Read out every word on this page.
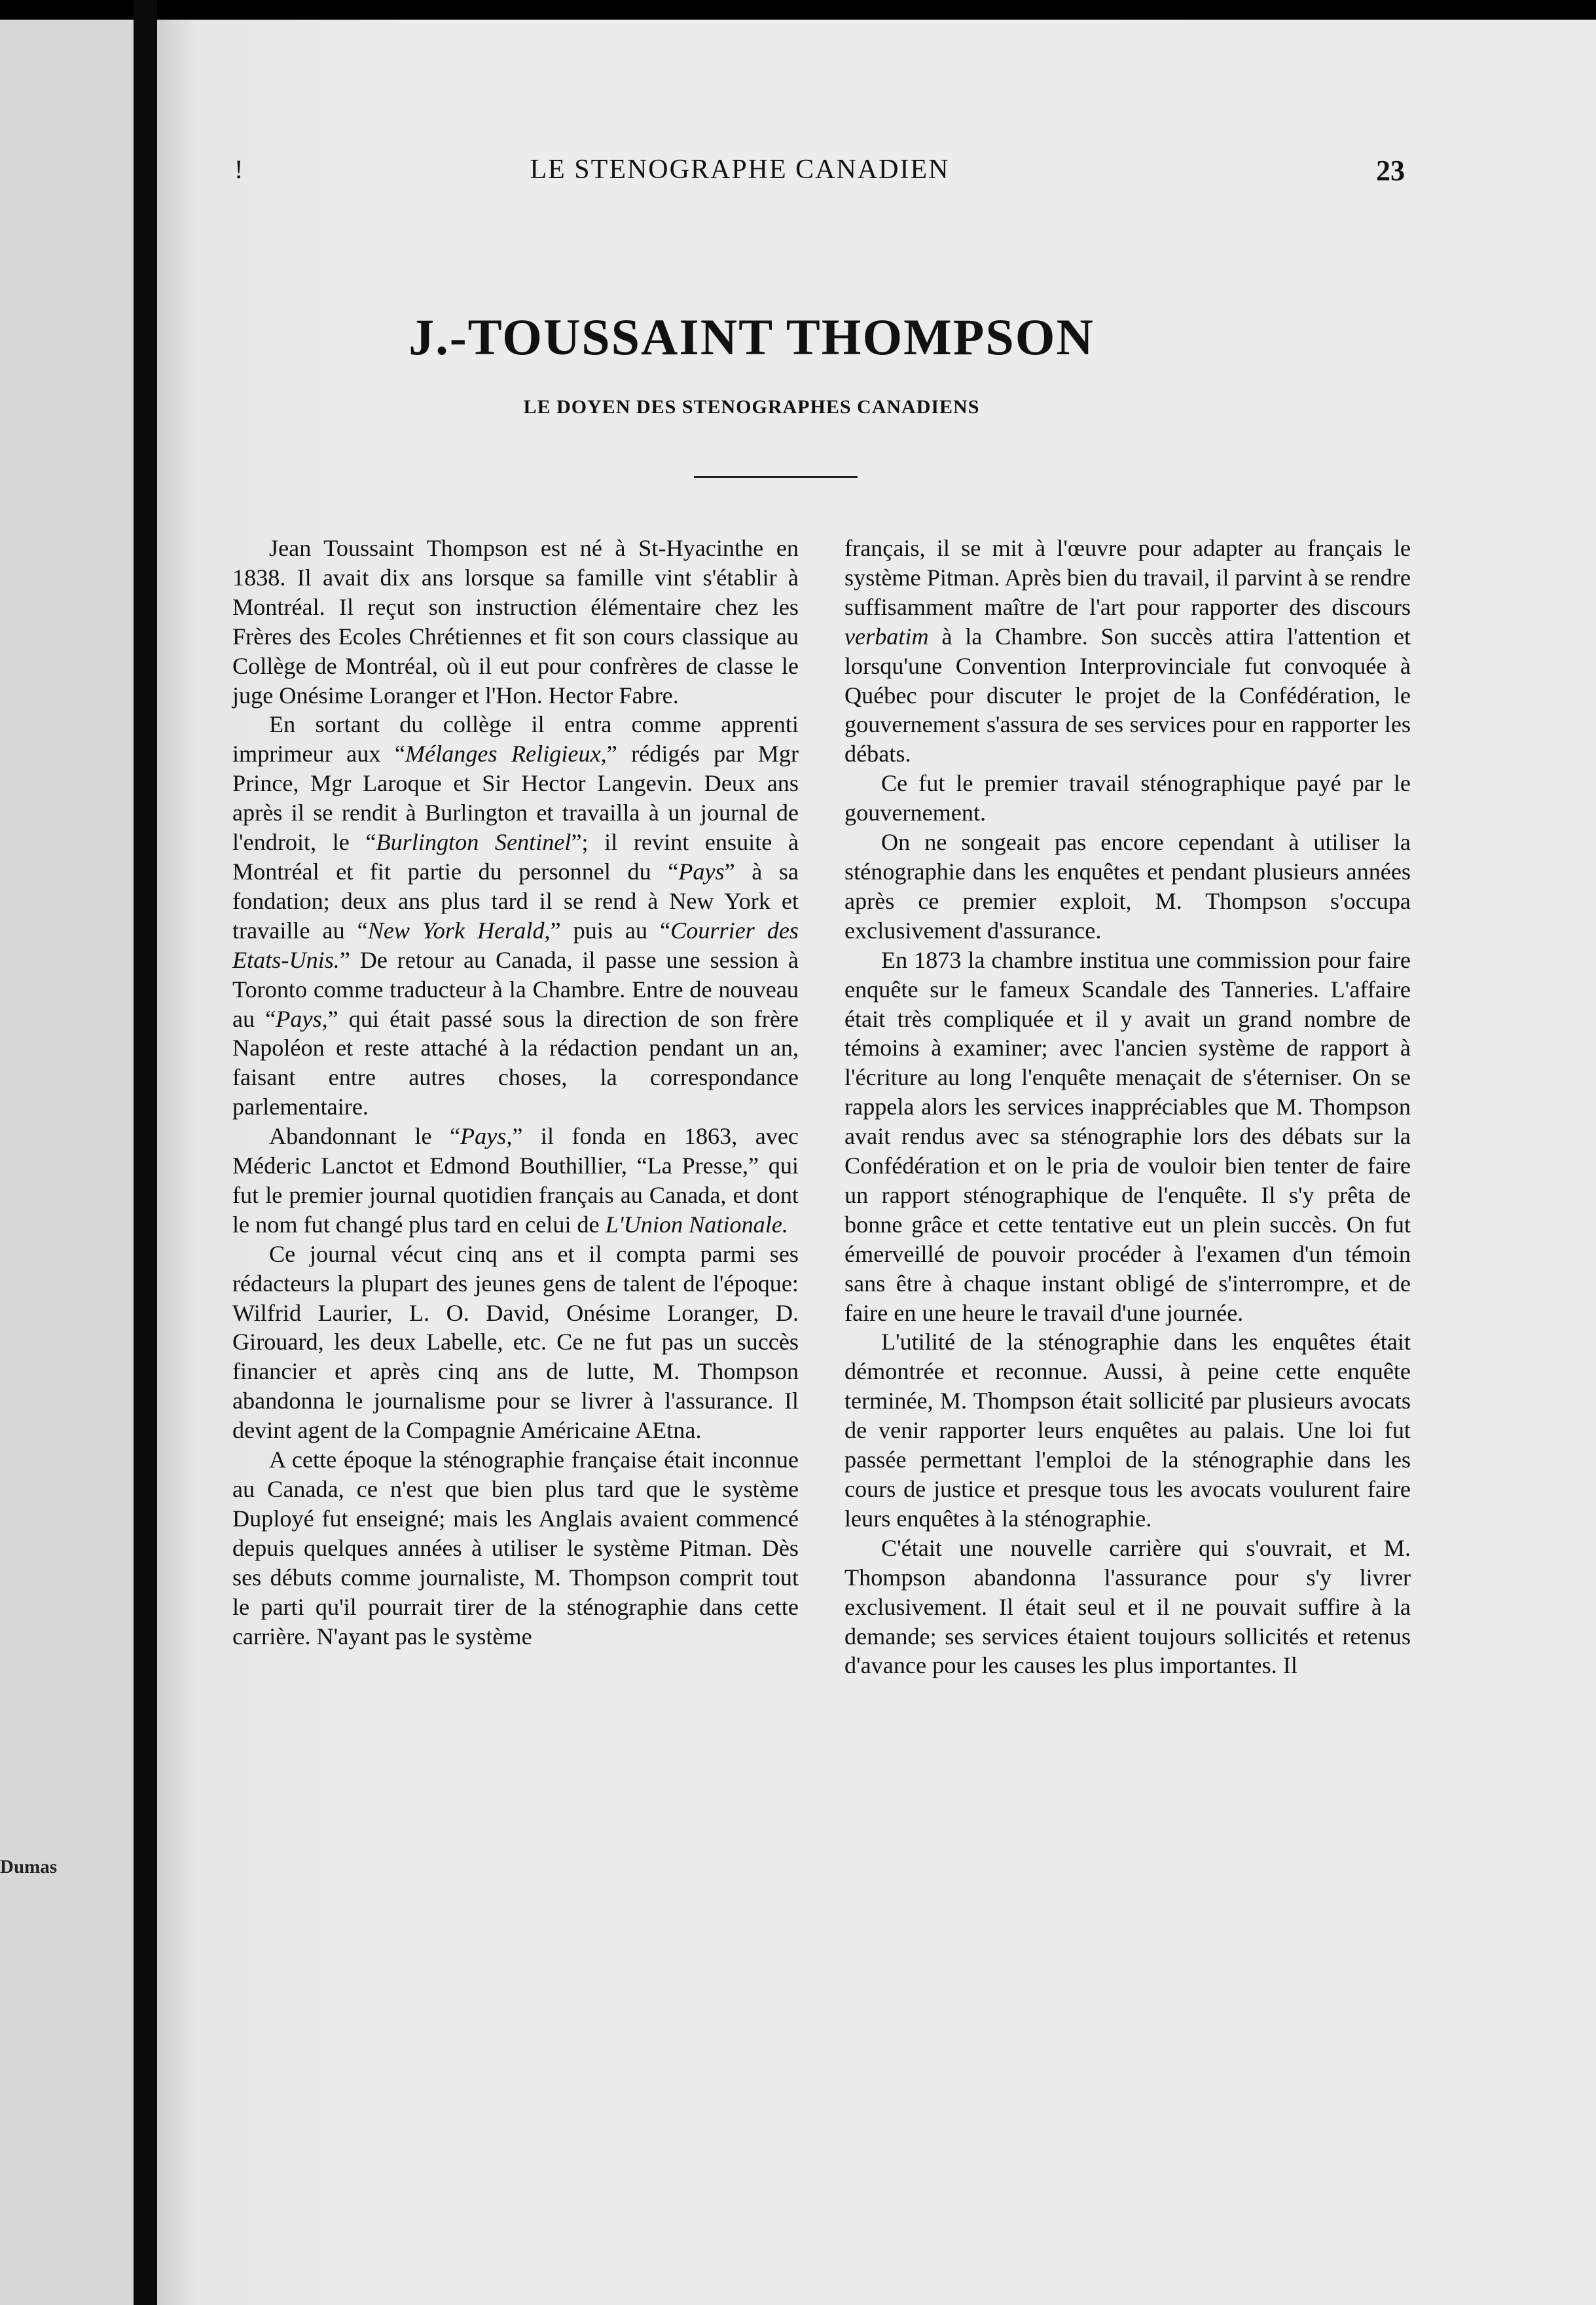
Dumas
!	LE STENOGRAPHE CANADIEN	23
J.-TOUSSAINT THOMPSON
LE DOYEN DES STENOGRAPHES CANADIENS

Jean Toussaint Thompson est né à St-Hyacinthe en 1838. Il avait dix ans lorsque sa famille vint s'établir à Montréal. Il reçut son instruction élémentaire chez les Frères des Ecoles Chrétiennes et fit son cours classique au Collège de Montréal, où il eut pour confrères de classe le juge Onésime Loranger et l'Hon. Hector Fabre.

En sortant du collège il entra comme apprenti imprimeur aux “Mélanges Religieux,” rédigés par Mgr Prince, Mgr Laroque et Sir Hector Langevin. Deux ans après il se rendit à Burlington et travailla à un journal de l'endroit, le “Burlington Sentinel”; il revint ensuite à Montréal et fit partie du personnel du “Pays” à sa fondation; deux ans plus tard il se rend à New York et travaille au “New York Herald,” puis au “Courrier des Etats-Unis.” De retour au Canada, il passe une session à Toronto comme traducteur à la Chambre. Entre de nouveau au “Pays,” qui était passé sous la direction de son frère Napoléon et reste attaché à la rédaction pendant un an, faisant entre autres choses, la correspondance parlementaire.

Abandonnant le “Pays,” il fonda en 1863, avec Méderic Lanctot et Edmond Bouthillier, “La Presse,” qui fut le premier journal quotidien français au Canada, et dont le nom fut changé plus tard en celui de L'Union Nationale.

Ce journal vécut cinq ans et il compta parmi ses rédacteurs la plupart des jeunes gens de talent de l'époque: Wilfrid Laurier, L. O. David, Onésime Loranger, D. Girouard, les deux Labelle, etc. Ce ne fut pas un succès financier et après cinq ans de lutte, M. Thompson abandonna le journalisme pour se livrer à l'assurance. Il devint agent de la Compagnie Américaine AEtna.

A cette époque la sténographie française était inconnue au Canada, ce n'est que bien plus tard que le système Duployé fut enseigné; mais les Anglais avaient commencé depuis quelques années à utiliser le système Pitman. Dès ses débuts comme journaliste, M. Thompson comprit tout le parti qu'il pourrait tirer de la sténographie dans cette carrière. N'ayant pas le système

français, il se mit à l'œuvre pour adapter au français le système Pitman. Après bien du travail, il parvint à se rendre suffisamment maître de l'art pour rapporter des discours verbatim à la Chambre. Son succès attira l'attention et lorsqu'une Convention Interprovinciale fut convoquée à Québec pour discuter le projet de la Confédération, le gouvernement s'assura de ses services pour en rapporter les débats.

Ce fut le premier travail sténographique payé par le gouvernement.

On ne songeait pas encore cependant à utiliser la sténographie dans les enquêtes et pendant plusieurs années après ce premier exploit, M. Thompson s'occupa exclusivement d'assurance.

En 1873 la chambre institua une commission pour faire enquête sur le fameux Scandale des Tanneries. L'affaire était très compliquée et il y avait un grand nombre de témoins à examiner; avec l'ancien système de rapport à l'écriture au long l'enquête menaçait de s'éterniser. On se rappela alors les services inappréciables que M. Thompson avait rendus avec sa sténographie lors des débats sur la Confédération et on le pria de vouloir bien tenter de faire un rapport sténographique de l'enquête. Il s'y prêta de bonne grâce et cette tentative eut un plein succès. On fut émerveillé de pouvoir procéder à l'examen d'un témoin sans être à chaque instant obligé de s'interrompre, et de faire en une heure le travail d'une journée.

L'utilité de la sténographie dans les enquêtes était démontrée et reconnue. Aussi, à peine cette enquête terminée, M. Thompson était sollicité par plusieurs avocats de venir rapporter leurs enquêtes au palais. Une loi fut passée permettant l'emploi de la sténographie dans les cours de justice et presque tous les avocats voulurent faire leurs enquêtes à la sténographie.

C'était une nouvelle carrière qui s'ouvrait, et M. Thompson abandonna l'assurance pour s'y livrer exclusivement. Il était seul et il ne pouvait suffire à la demande; ses services étaient toujours sollicités et retenus d'avance pour les causes les plus importantes. Il
